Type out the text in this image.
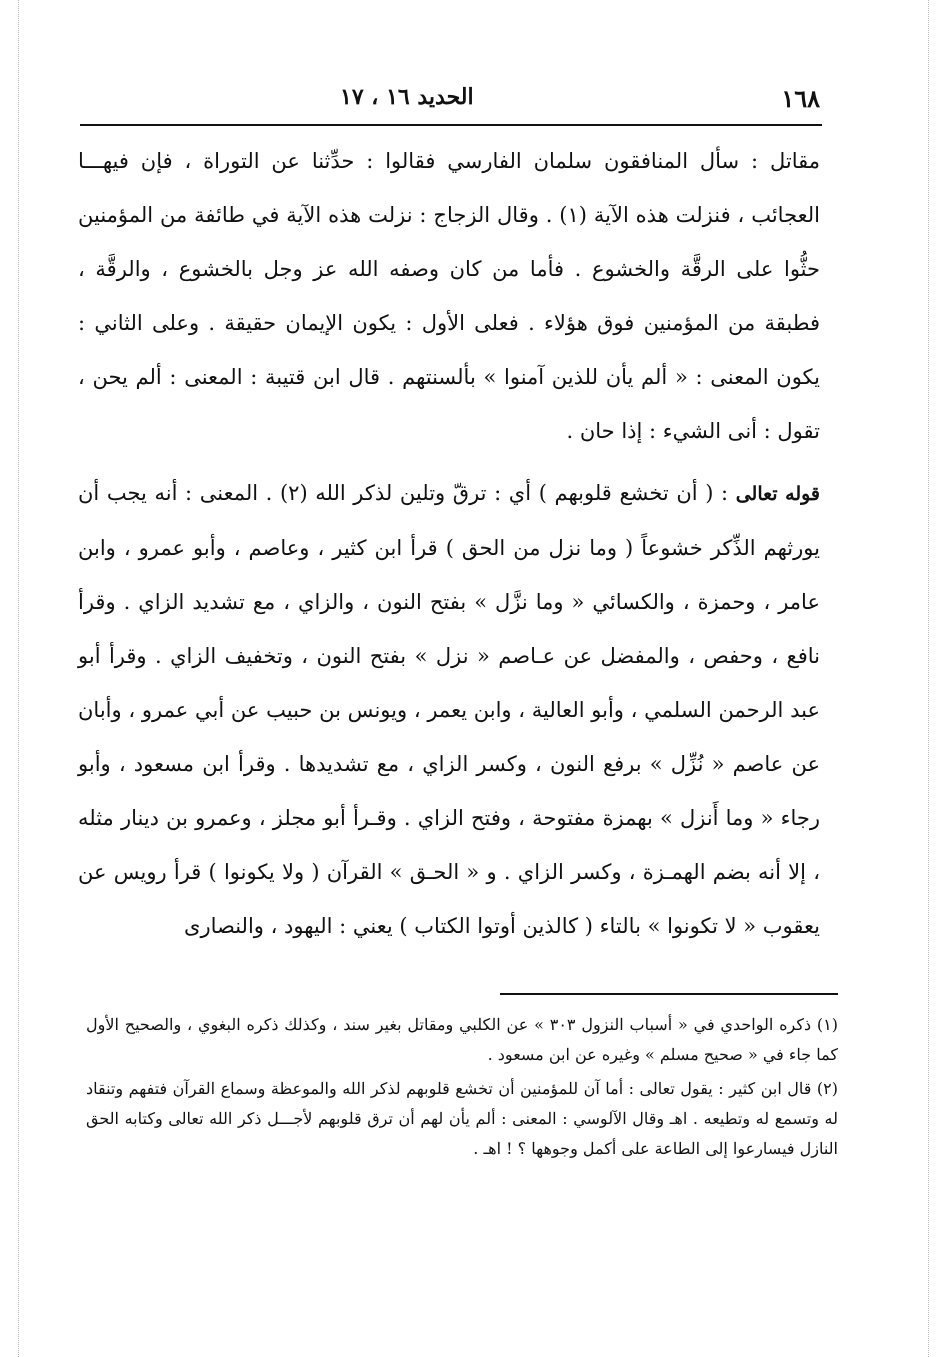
١٦٨
الحديد ١٦ ، ١٧

مقاتل : سأل المنافقون سلمان الفارسي فقالوا : حدِّثنا عن التوراة ، فإن فيهـــا العجائب ، فنزلت هذه الآية (١) . وقال الزجاج : نزلت هذه الآية في طائفة من المؤمنين حثُّوا على الرقَّة والخشوع . فأما من كان وصفه الله عز وجل بالخشوع ، والرقَّة ، فطبقة من المؤمنين فوق هؤلاء . فعلى الأول : يكون الإيمان حقيقة . وعلى الثاني : يكون المعنى : « ألم يأن للذين آمنوا » بألسنتهم . قال ابن قتيبة : المعنى : ألم يحن ، تقول : أنى الشيء : إذا حان .

قوله تعالى : ( أن تخشع قلوبهم ) أي : ترقّ وتلين لذكر الله (٢) . المعنى : أنه يجب أن يورثهم الذِّكر خشوعاً ( وما نزل من الحق ) قرأ ابن كثير ، وعاصم ، وأبو عمرو ، وابن عامر ، وحمزة ، والكسائي « وما نزَّل » بفتح النون ، والزاي ، مع تشديد الزاي . وقرأ نافع ، وحفص ، والمفضل عن عـاصم « نزل » بفتح النون ، وتخفيف الزاي . وقرأ أبو عبد الرحمن السلمي ، وأبو العالية ، وابن يعمر ، ويونس بن حبيب عن أبي عمرو ، وأبان عن عاصم « نُزِّل » برفع النون ، وكسر الزاي ، مع تشديدها . وقرأ ابن مسعود ، وأبو رجاء « وما أَنزل » بهمزة مفتوحة ، وفتح الزاي . وقـرأ أبو مجلز ، وعمرو بن دينار مثله ، إلا أنه بضم الهمـزة ، وكسر الزاي . و « الحـق » القرآن ( ولا يكونوا ) قرأ رويس عن يعقوب « لا تكونوا » بالتاء ( كالذين أوتوا الكتاب ) يعني : اليهود ، والنصارى

(١) ذكره الواحدي في « أسباب النزول ٣٠٣ » عن الكلبي ومقاتل بغير سند ، وكذلك ذكره البغوي ، والصحيح الأول كما جاء في « صحيح مسلم » وغيره عن ابن مسعود .

(٢) قال ابن كثير : يقول تعالى : أما آن للمؤمنين أن تخشع قلوبهم لذكر الله والموعظة وسماع القرآن فتفهم وتنقاد له وتسمع له وتطيعه . اهـ وقال الآلوسي : المعنى : ألم يأن لهم أن ترق قلوبهم لأجـــل ذكر الله تعالى وكتابه الحق النازل فيسارعوا إلى الطاعة على أكمل وجوهها ؟ ! اهـ .
